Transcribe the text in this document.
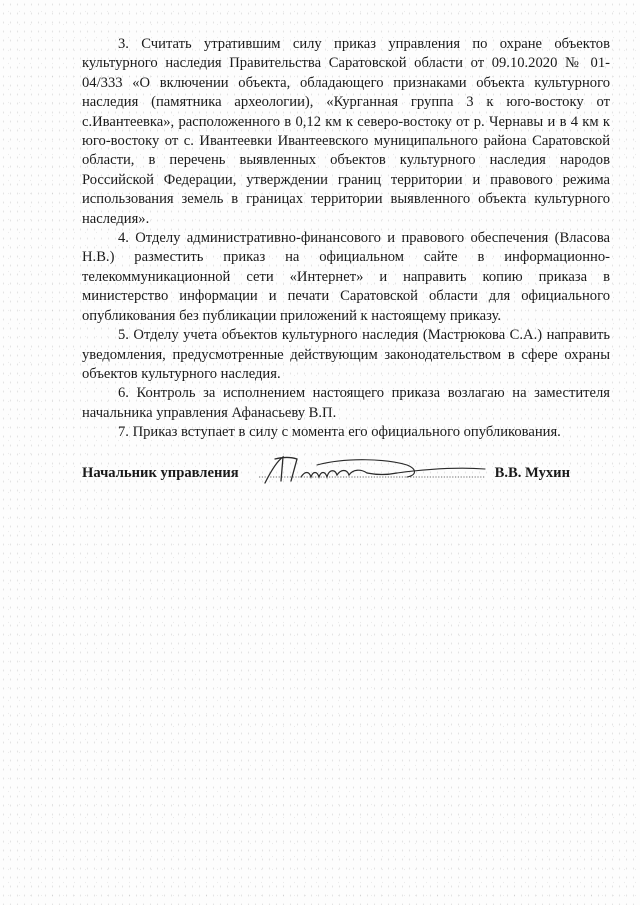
3. Считать утратившим силу приказ управления по охране объектов культурного наследия Правительства Саратовской области от 09.10.2020 № 01-04/333 «О включении объекта, обладающего признаками объекта культурного наследия (памятника археологии), «Курганная группа 3 к юго-востоку от с.Ивантеевка», расположенного в 0,12 км к северо-востоку от р. Чернавы и в 4 км к юго-востоку от с. Ивантеевки Ивантеевского муниципального района Саратовской области, в перечень выявленных объектов культурного наследия народов Российской Федерации, утверждении границ территории и правового режима использования земель в границах территории выявленного объекта культурного наследия».

4. Отделу административно-финансового и правового обеспечения (Власова Н.В.) разместить приказ на официальном сайте в информационно-телекоммуникационной сети «Интернет» и направить копию приказа в министерство информации и печати Саратовской области для официального опубликования без публикации приложений к настоящему приказу.

5. Отделу учета объектов культурного наследия (Мастрюкова С.А.) направить уведомления, предусмотренные действующим законодательством в сфере охраны объектов культурного наследия.

6. Контроль за исполнением настоящего приказа возлагаю на заместителя начальника управления Афанасьеву В.П.

7. Приказ вступает в силу с момента его официального опубликования.

Начальник управления	В.В. Мухин
